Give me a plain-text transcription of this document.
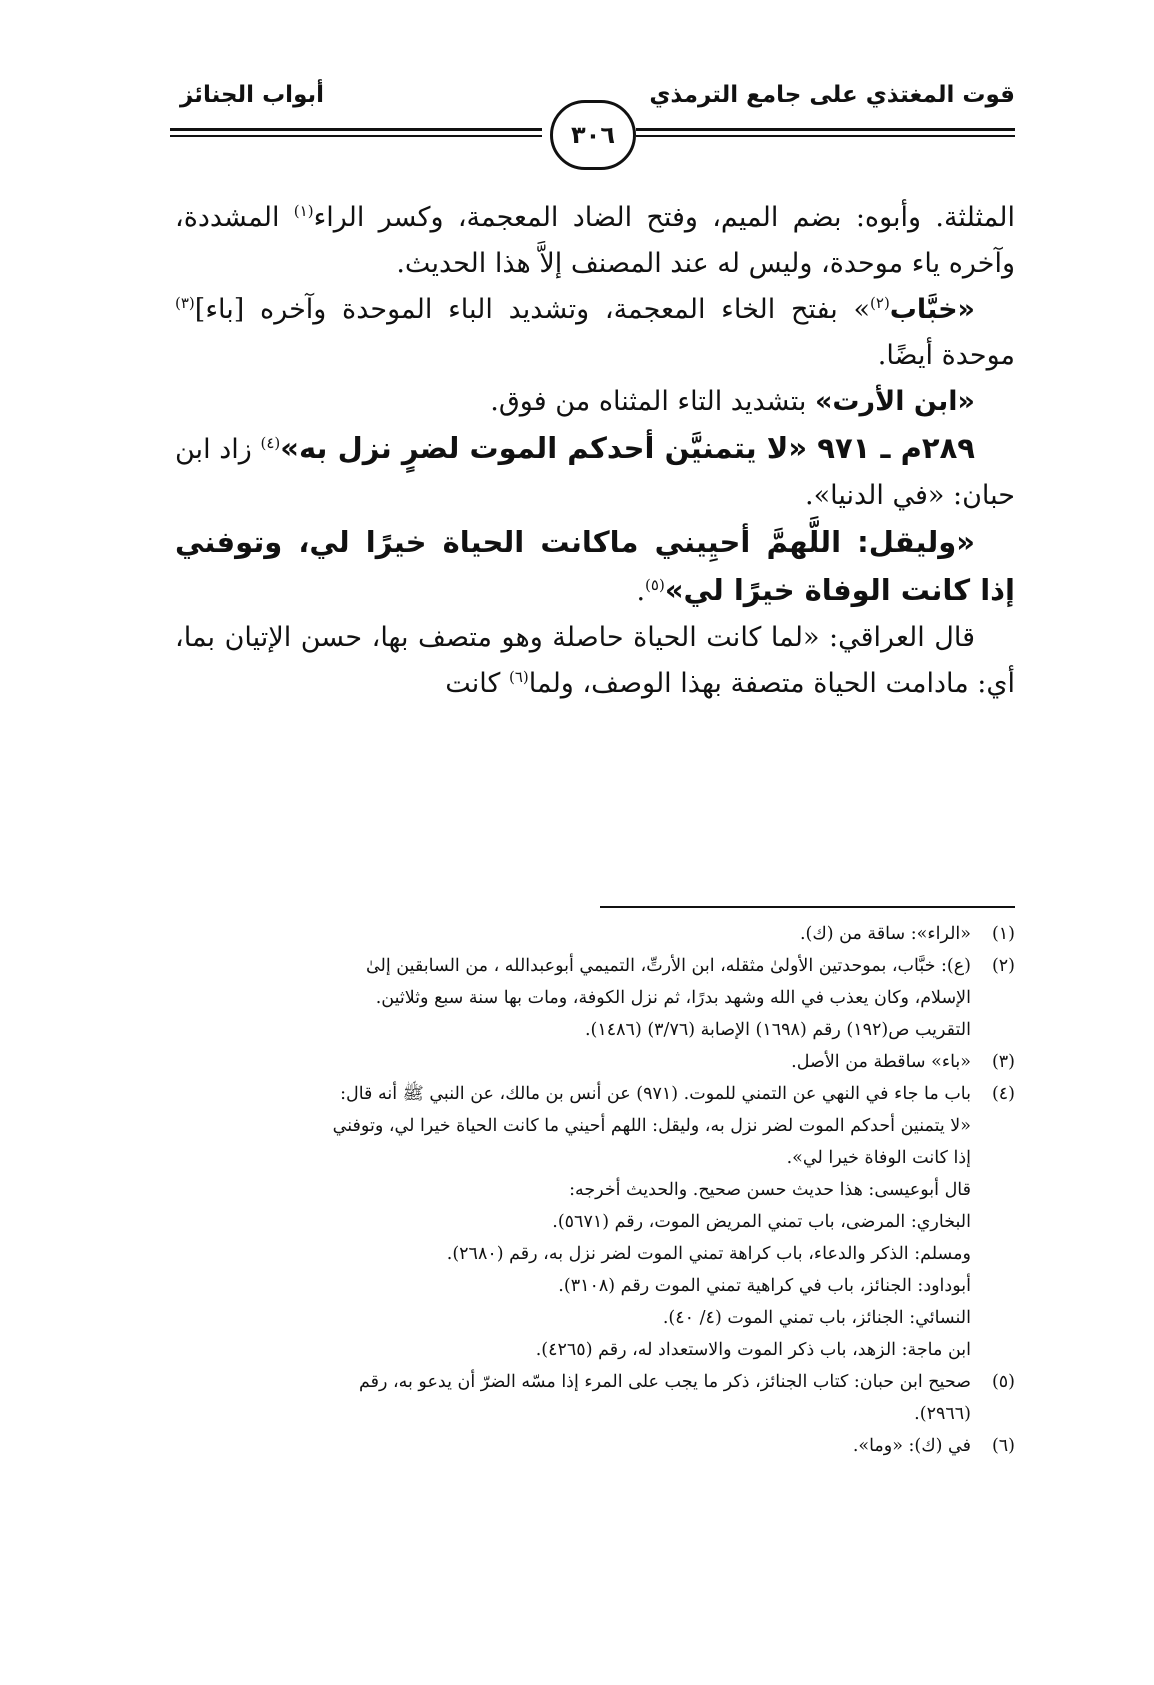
قوت المغتذي على جامع الترمذي
أبواب الجنائز
٣٠٦

المثلثة. وأبوه: بضم الميم، وفتح الضاد المعجمة، وكسر الراء$^{(١)}$ المشددة، وآخره ياء موحدة، وليس له عند المصنف إلاَّ هذا الحديث.

«خبَّاب$^{(٢)}$» بفتح الخاء المعجمة، وتشديد الباء الموحدة وآخره [باء]$^{(٣)}$ موحدة أيضًا.

«ابن الأرت» بتشديد التاء المثناه من فوق.

٢٨٩م ـ ٩٧١ «لا يتمنيَّن أحدكم الموت لضرٍ نزل به»$^{(٤)}$ زاد ابن حبان: «في الدنيا».

«وليقل: اللَّهمَّ أحيِيني ماكانت الحياة خيرًا لي، وتوفني إذا كانت الوفاة خيرًا لي»$^{(٥)}$.

قال العراقي: «لما كانت الحياة حاصلة وهو متصف بها، حسن الإتيان بما، أي: مادامت الحياة متصفة بهذا الوصف، ولما$^{(٦)}$ كانت

(١)
«الراء»: ساقة من (ك).
(٢)
(ع): خبَّاب، بموحدتين الأولىٰ مثقله، ابن الأرتِّ، التميمي أبوعبدالله ، من السابقين إلىٰ
الإسلام، وكان يعذب في الله وشهد بدرًا، ثم نزل الكوفة، ومات بها سنة سبع وثلاثين.
التقريب ص(١٩٢) رقم (١٦٩٨) الإصابة (٣/٧٦) (١٤٨٦).
(٣)
«باء» ساقطة من الأصل.
(٤)
باب ما جاء في النهي عن التمني للموت. (٩٧١) عن أنس بن مالك، عن النبي ﷺ أنه قال:
«لا يتمنين أحدكم الموت لضر نزل به، وليقل: اللهم أحيني ما كانت الحياة خيرا لي، وتوفني
إذا كانت الوفاة خيرا لي».
قال أبوعيسى: هذا حديث حسن صحيح. والحديث أخرجه:
البخاري: المرضى، باب تمني المريض الموت، رقم (٥٦٧١).
ومسلم: الذكر والدعاء، باب كراهة تمني الموت لضر نزل به، رقم (٢٦٨٠).
أبوداود: الجنائز، باب في كراهية تمني الموت رقم (٣١٠٨).
النسائي: الجنائز، باب تمني الموت (٤/ ٤٠).
ابن ماجة: الزهد، باب ذكر الموت والاستعداد له، رقم (٤٢٦٥).
(٥)
صحيح ابن حبان: كتاب الجنائز، ذكر ما يجب على المرء إذا مسّه الضرّ أن يدعو به، رقم
(٢٩٦٦).
(٦)
في (ك): «وما».
